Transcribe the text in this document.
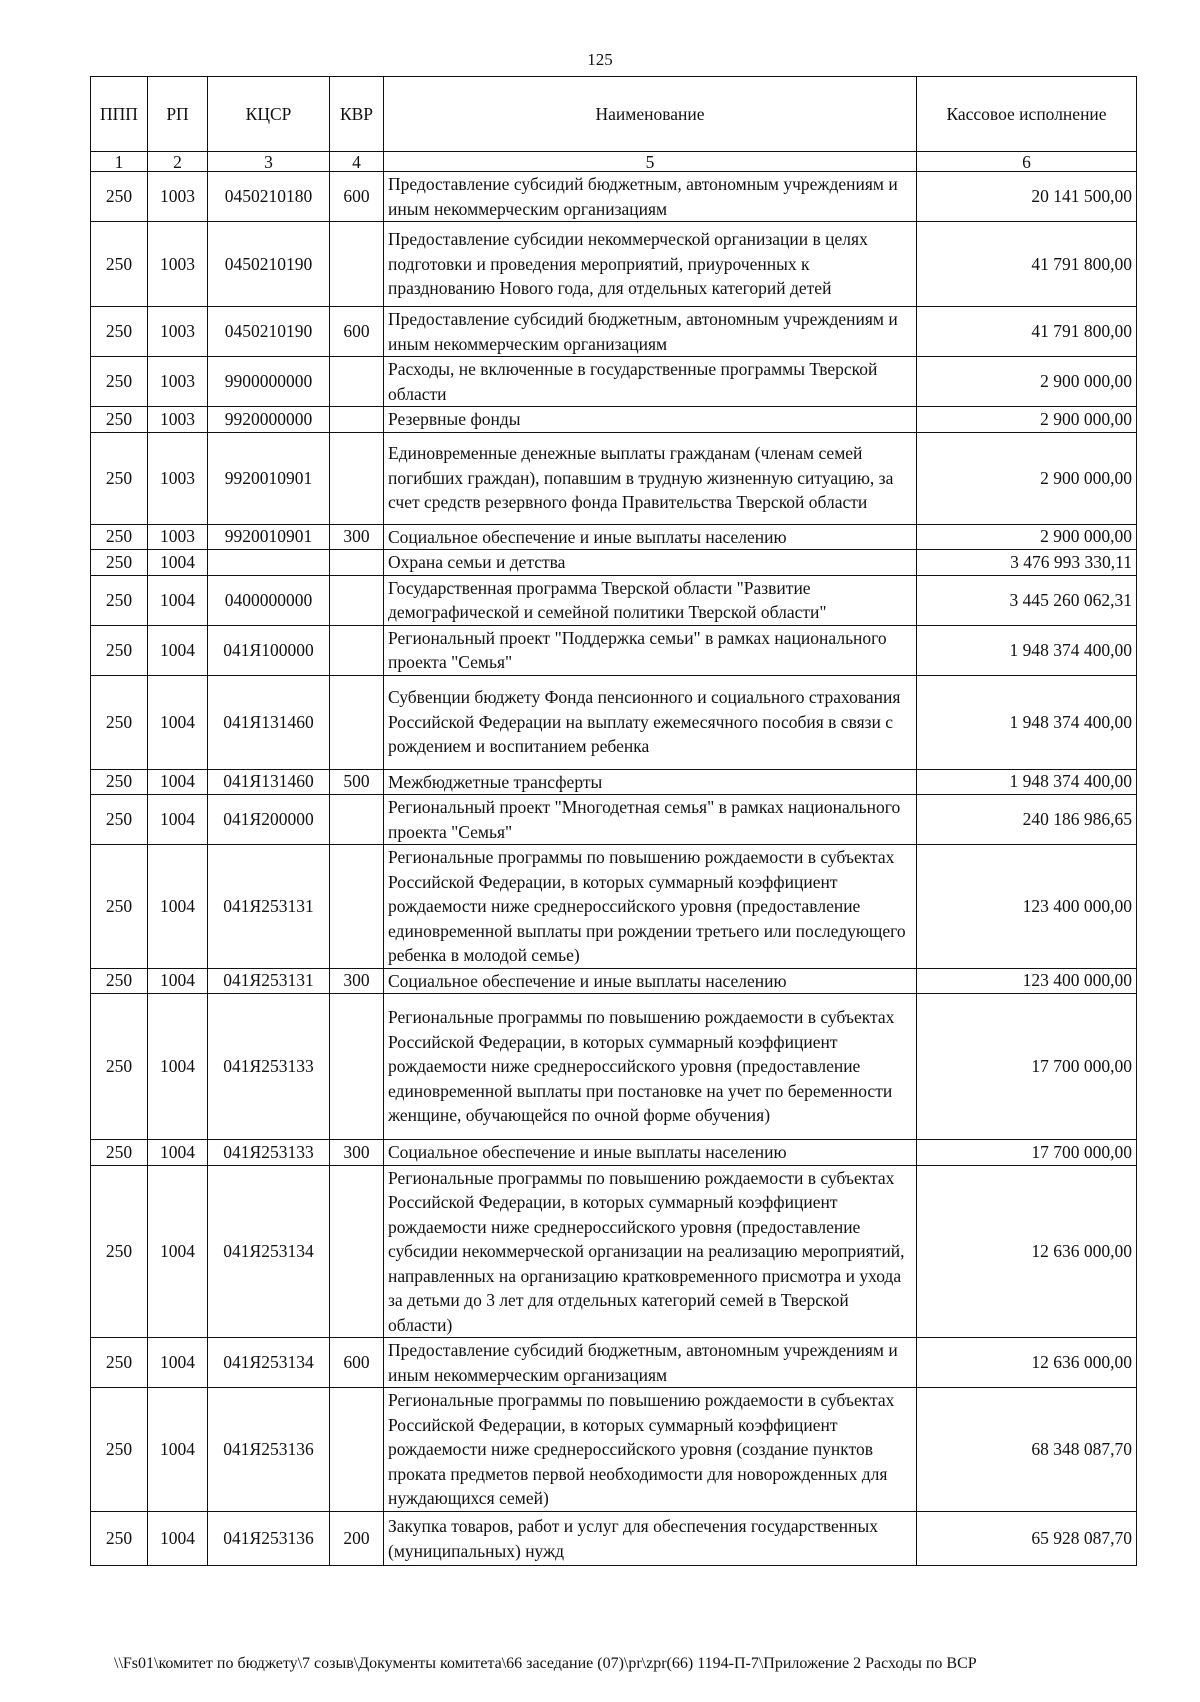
125
ППП	РП	КЦСР	КВР	Наименование	Кассовое исполнение
1	2	3	4	5	6
250	1003	0450210180	600	Предоставление субсидий бюджетным, автономным учреждениям и иным некоммерческим организациям	20 141 500,00
250	1003	0450210190		Предоставление субсидии некоммерческой организации в целях подготовки и проведения мероприятий, приуроченных к празднованию Нового года, для отдельных категорий детей	41 791 800,00
250	1003	0450210190	600	Предоставление субсидий бюджетным, автономным учреждениям и иным некоммерческим организациям	41 791 800,00
250	1003	9900000000		Расходы, не включенные в государственные программы Тверской области	2 900 000,00
250	1003	9920000000		Резервные фонды	2 900 000,00
250	1003	9920010901		Единовременные денежные выплаты гражданам (членам семей погибших граждан), попавшим в трудную жизненную ситуацию, за счет средств резервного фонда Правительства Тверской области	2 900 000,00
250	1003	9920010901	300	Социальное обеспечение и иные выплаты населению	2 900 000,00
250	1004			Охрана семьи и детства	3 476 993 330,11
250	1004	0400000000		Государственная программа Тверской области "Развитие демографической и семейной политики Тверской области"	3 445 260 062,31
250	1004	041Я100000		Региональный проект "Поддержка семьи" в рамках национального проекта "Семья"	1 948 374 400,00
250	1004	041Я131460		Субвенции бюджету Фонда пенсионного и социального страхования Российской Федерации на выплату ежемесячного пособия в связи с рождением и воспитанием ребенка	1 948 374 400,00
250	1004	041Я131460	500	Межбюджетные трансферты	1 948 374 400,00
250	1004	041Я200000		Региональный проект "Многодетная семья" в рамках национального проекта "Семья"	240 186 986,65
250	1004	041Я253131		Региональные программы по повышению рождаемости в субъектах Российской Федерации, в которых суммарный коэффициент рождаемости ниже среднероссийского уровня (предоставление единовременной выплаты при рождении третьего или последующего ребенка в молодой семье)	123 400 000,00
250	1004	041Я253131	300	Социальное обеспечение и иные выплаты населению	123 400 000,00
250	1004	041Я253133		Региональные программы по повышению рождаемости в субъектах Российской Федерации, в которых суммарный коэффициент рождаемости ниже среднероссийского уровня (предоставление единовременной выплаты при постановке на учет по беременности женщине, обучающейся по очной форме обучения)	17 700 000,00
250	1004	041Я253133	300	Социальное обеспечение и иные выплаты населению	17 700 000,00
250	1004	041Я253134		Региональные программы по повышению рождаемости в субъектах Российской Федерации, в которых суммарный коэффициент рождаемости ниже среднероссийского уровня (предоставление субсидии некоммерческой организации на реализацию мероприятий, направленных на организацию кратковременного присмотра и ухода за детьми до 3 лет для отдельных категорий семей в Тверской области)	12 636 000,00
250	1004	041Я253134	600	Предоставление субсидий бюджетным, автономным учреждениям и иным некоммерческим организациям	12 636 000,00
250	1004	041Я253136		Региональные программы по повышению рождаемости в субъектах Российской Федерации, в которых суммарный коэффициент рождаемости ниже среднероссийского уровня (создание пунктов проката предметов первой необходимости для новорожденных для нуждающихся семей)	68 348 087,70
250	1004	041Я253136	200	Закупка товаров, работ и услуг для обеспечения государственных (муниципальных) нужд	65 928 087,70
\\Fs01\комитет по бюджету\7 созыв\Документы комитета\66 заседание (07)\pr\zpr(66) 1194-П-7\Приложение 2 Расходы по ВСР
